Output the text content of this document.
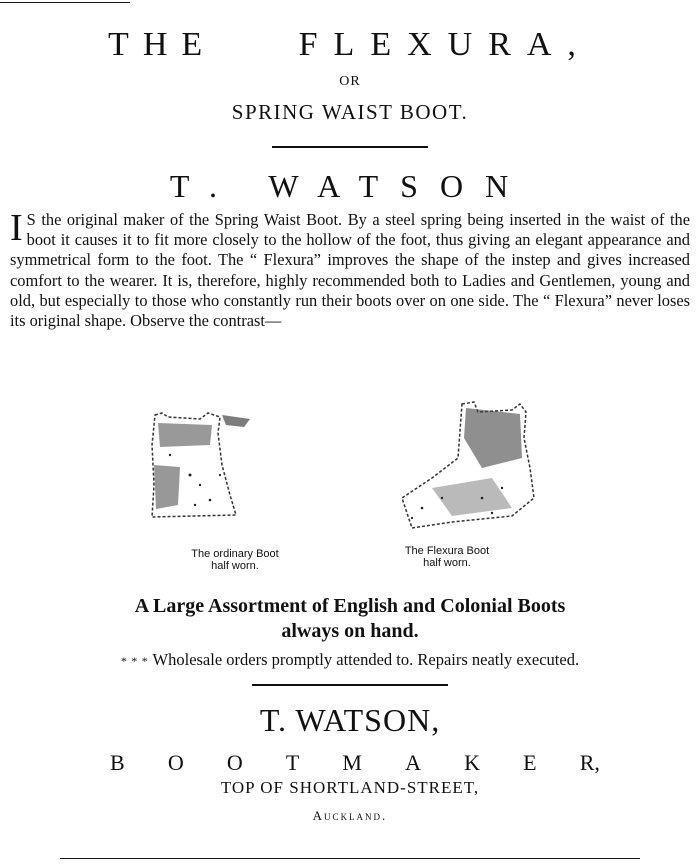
THE FLEXURA,
OR
SPRING WAIST BOOT.
T. WATSON
I S the original maker of the Spring Waist Boot. By a steel spring being inserted in the waist of the boot it causes it to fit more closely to the hollow of the foot, thus giving an elegant appearance and symmetrical form to the foot. The “ Flexura” improves the shape of the instep and gives increased comfort to the wearer. It is, therefore, highly recommended both to Ladies and Gentlemen, young and old, but especially to those who constantly run their boots over on one side. The “ Flexura” never loses its original shape. Observe the contrast—
The ordinary Boot
half worn.
The Flexura Boot
half worn.
A Large Assortment of English and Colonial Boots
always on hand.
* * * Wholesale orders promptly attended to. Repairs neatly executed.
T. WATSON,
B O O T M A K E R,
TOP OF SHORTLAND-STREET,
Auckland.
